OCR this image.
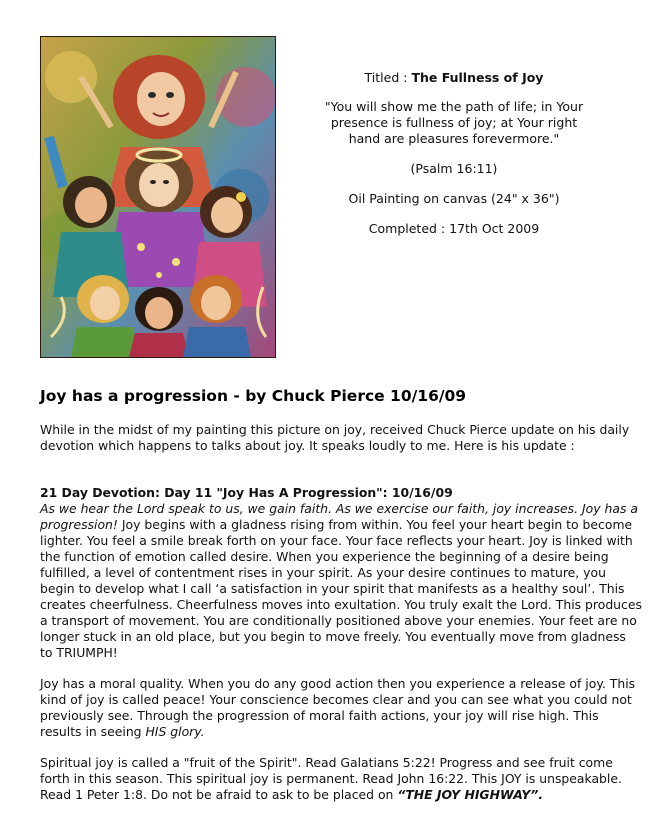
Titled : The Fullness of Joy

"You will show me the path of life; in Your presence is fullness of joy; at Your right hand are pleasures forevermore."

(Psalm 16:11)

Oil Painting on canvas (24" x 36")

Completed : 17th Oct 2009

Joy has a progression - by Chuck Pierce 10/16/09

While in the midst of my painting this picture on joy, received Chuck Pierce update on his daily devotion which happens to talks about joy. It speaks loudly to me. Here is his update :

21 Day Devotion: Day 11 "Joy Has A Progression": 10/16/09

As we hear the Lord speak to us, we gain faith. As we exercise our faith, joy increases. Joy has a progression! Joy begins with a gladness rising from within. You feel your heart begin to become lighter. You feel a smile break forth on your face. Your face reflects your heart. Joy is linked with the function of emotion called desire. When you experience the beginning of a desire being fulfilled, a level of contentment rises in your spirit. As your desire continues to mature, you begin to develop what I call ‘a satisfaction in your spirit that manifests as a healthy soul’. This creates cheerfulness. Cheerfulness moves into exultation. You truly exalt the Lord. This produces a transport of movement. You are conditionally positioned above your enemies. Your feet are no longer stuck in an old place, but you begin to move freely. You eventually move from gladness to TRIUMPH!

Joy has a moral quality. When you do any good action then you experience a release of joy. This kind of joy is called peace! Your conscience becomes clear and you can see what you could not previously see. Through the progression of moral faith actions, your joy will rise high. This results in seeing HIS glory.

Spiritual joy is called a "fruit of the Spirit". Read Galatians 5:22! Progress and see fruit come forth in this season. This spiritual joy is permanent. Read John 16:22. This JOY is unspeakable. Read 1 Peter 1:8. Do not be afraid to ask to be placed on “THE JOY HIGHWAY”.
